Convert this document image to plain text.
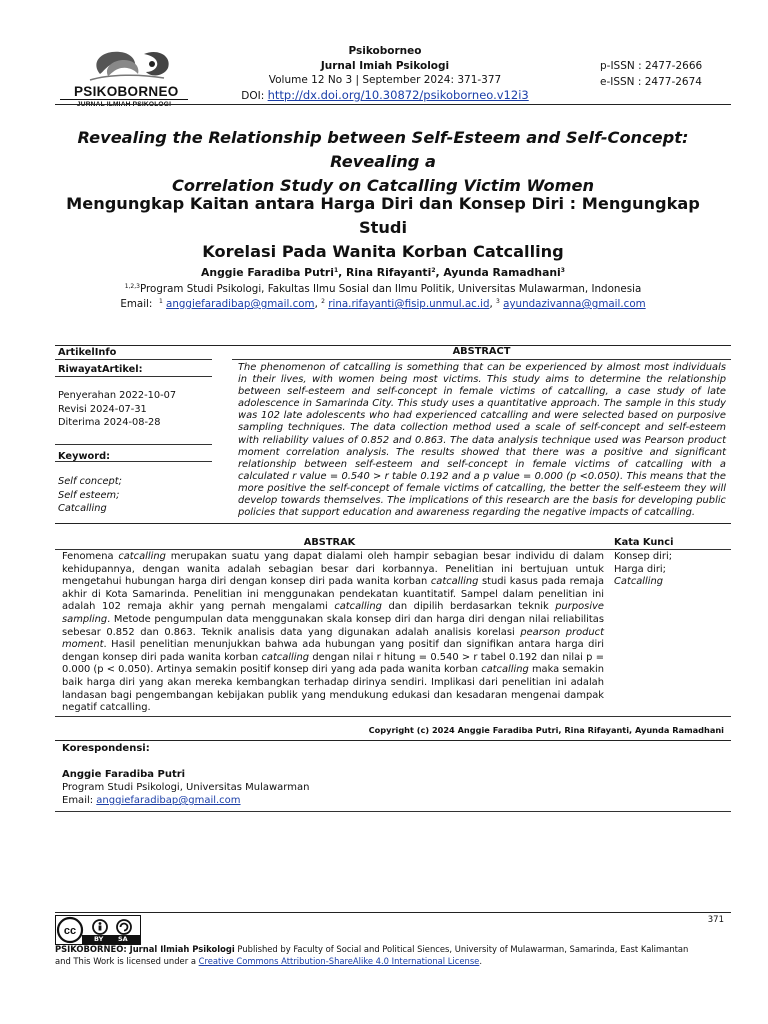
PSIKOBORNEO
JURNAL ILMIAH PSIKOLOGI
Psikoborneo
Jurnal Imiah Psikologi
Volume 12 No 3 | September 2024: 371-377
DOI: http://dx.doi.org/10.30872/psikoborneo.v12i3
p-ISSN : 2477-2666
e-ISSN : 2477-2674
Revealing the Relationship between Self-Esteem and Self-Concept: Revealing a
Correlation Study on Catcalling Victim Women
Mengungkap Kaitan antara Harga Diri dan Konsep Diri : Mengungkap Studi
Korelasi Pada Wanita Korban Catcalling
Anggie Faradiba Putri$^1$, Rina Rifayanti$^2$, Ayunda Ramadhani$^3$
$^{1,2,3}$Program Studi Psikologi, Fakultas Ilmu Sosial dan Ilmu Politik, Universitas Mulawarman, Indonesia
Email: $^1$ anggiefaradibap@gmail.com, $^2$ rina.rifayanti@fisip.unmul.ac.id, $^3$ ayundazivanna@gmail.com
ABSTRACT
ArtikelInfo
RiwayatArtikel:
Penyerahan 2022-10-07
Revisi 2024-07-31
Diterima 2024-08-28
Keyword:
Self concept;
Self esteem;
Catcalling
The phenomenon of catcalling is something that can be experienced by almost most individuals in their lives, with women being most victims. This study aims to determine the relationship between self-esteem and self-concept in female victims of catcalling, a case study of late adolescence in Samarinda City. This study uses a quantitative approach. The sample in this study was 102 late adolescents who had experienced catcalling and were selected based on purposive sampling techniques. The data collection method used a scale of self-concept and self-esteem with reliability values of 0.852 and 0.863. The data analysis technique used was Pearson product moment correlation analysis. The results showed that there was a positive and significant relationship between self-esteem and self-concept in female victims of catcalling with a calculated r value = 0.540 > r table 0.192 and a p value = 0.000 (p <0.050). This means that the more positive the self-concept of female victims of catcalling, the better the self-esteem they will develop towards themselves. The implications of this research are the basis for developing public policies that support education and awareness regarding the negative impacts of catcalling.
ABSTRAK	Kata Kunci
Fenomena catcalling merupakan suatu yang dapat dialami oleh hampir sebagian besar individu di dalam kehidupannya, dengan wanita adalah sebagian besar dari korbannya. Penelitian ini bertujuan untuk mengetahui hubungan harga diri dengan konsep diri pada wanita korban catcalling studi kasus pada remaja akhir di Kota Samarinda. Penelitian ini menggunakan pendekatan kuantitatif. Sampel dalam penelitian ini adalah 102 remaja akhir yang pernah mengalami catcalling dan dipilih berdasarkan teknik purposive sampling. Metode pengumpulan data menggunakan skala konsep diri dan harga diri dengan nilai reliabilitas sebesar 0.852 dan 0.863. Teknik analisis data yang digunakan adalah analisis korelasi pearson product moment. Hasil penelitian menunjukkan bahwa ada hubungan yang positif dan signifikan antara harga diri dengan konsep diri pada wanita korban catcalling dengan nilai r hitung = 0.540 > r tabel 0.192 dan nilai p = 0.000 (p < 0.050). Artinya semakin positif konsep diri yang ada pada wanita korban catcalling maka semakin baik harga diri yang akan mereka kembangkan terhadap dirinya sendiri. Implikasi dari penelitian ini adalah landasan bagi pengembangan kebijakan publik yang mendukung edukasi dan kesadaran mengenai dampak negatif catcalling.
Konsep diri;
Harga diri;
Catcalling
Copyright (c) 2024 Anggie Faradiba Putri, Rina Rifayanti, Ayunda Ramadhani
Korespondensi:
Anggie Faradiba Putri
Program Studi Psikologi, Universitas Mulawarman
Email: anggiefaradibap@gmail.com
cc
BY SA
371
PSIKOBORNEO: Jurnal Ilmiah Psikologi Published by Faculty of Social and Political Siences, University of Mulawarman, Samarinda, East Kalimantan
and This Work is licensed under a Creative Commons Attribution-ShareAlike 4.0 International License.
